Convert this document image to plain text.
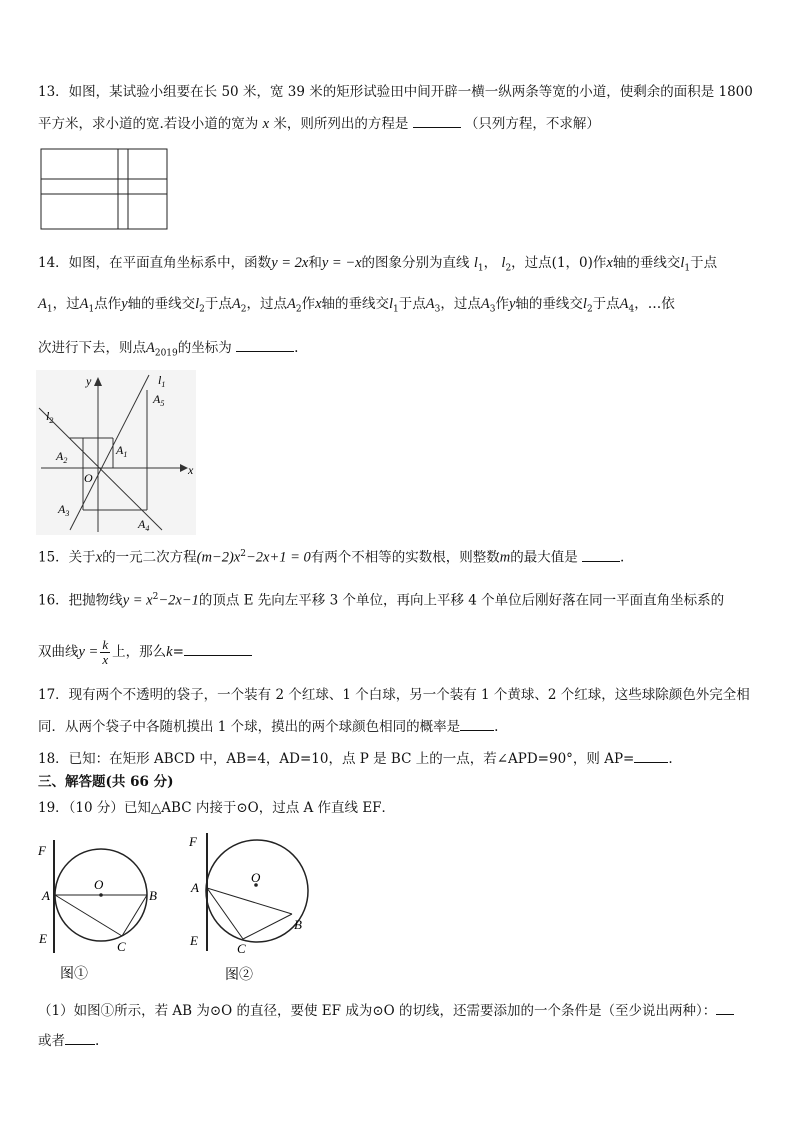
13．如图，某试验小组要在长 50 米，宽 39 米的矩形试验田中间开辟一横一纵两条等宽的小道，使剩余的面积是 1800
平方米，求小道的宽.若设小道的宽为 x 米，则所列出的方程是	（只列方程，不求解）
14．如图，在平面直角坐标系中，函数y = 2x和y = −x的图象分别为直线 $l_1$， $l_2$，过点(1，0)作x轴的垂线交$l_1$于点
$A_1$，过$A_1$点作y轴的垂线交$l_2$于点$A_2$，过点$A_2$作x轴的垂线交$l_1$于点$A_3$，过点$A_3$作y轴的垂线交$l_2$于点$A_4$，…依
次进行下去，则点$A_{2019}$的坐标为	.
y
x
O
$l_1$
$l_2$
$A_1$
$A_2$
$A_3$
$A_4$
$A_5$
15．关于x的一元二次方程$(m-2)x^2-2x+1 = 0$有两个不相等的实数根，则整数m的最大值是	.
16．把抛物线$y = x^2-2x-1$的顶点 E 先向左平移 3 个单位，再向上平移 4 个单位后刚好落在同一平面直角坐标系的
双曲线$y = \frac{k}{x}$ 上，那么k=
17．现有两个不透明的袋子，一个装有 2 个红球、1 个白球，另一个装有 1 个黄球、2 个红球，这些球除颜色外完全相
同．从两个袋子中各随机摸出 1 个球，摸出的两个球颜色相同的概率是	.
18．已知：在矩形 ABCD 中，AB=4，AD=10，点 P 是 BC 上的一点，若∠APD=90°，则 AP=	.
三、解答题(共 66 分)
19．（10 分）已知△ABC 内接于⊙O，过点 A 作直线 EF．
F
A
E
O
B
C
图①
F
A
E
O
B
C
图②
（1）如图①所示，若 AB 为⊙O 的直径，要使 EF 成为⊙O 的切线，还需要添加的一个条件是（至少说出两种）：
或者 .
